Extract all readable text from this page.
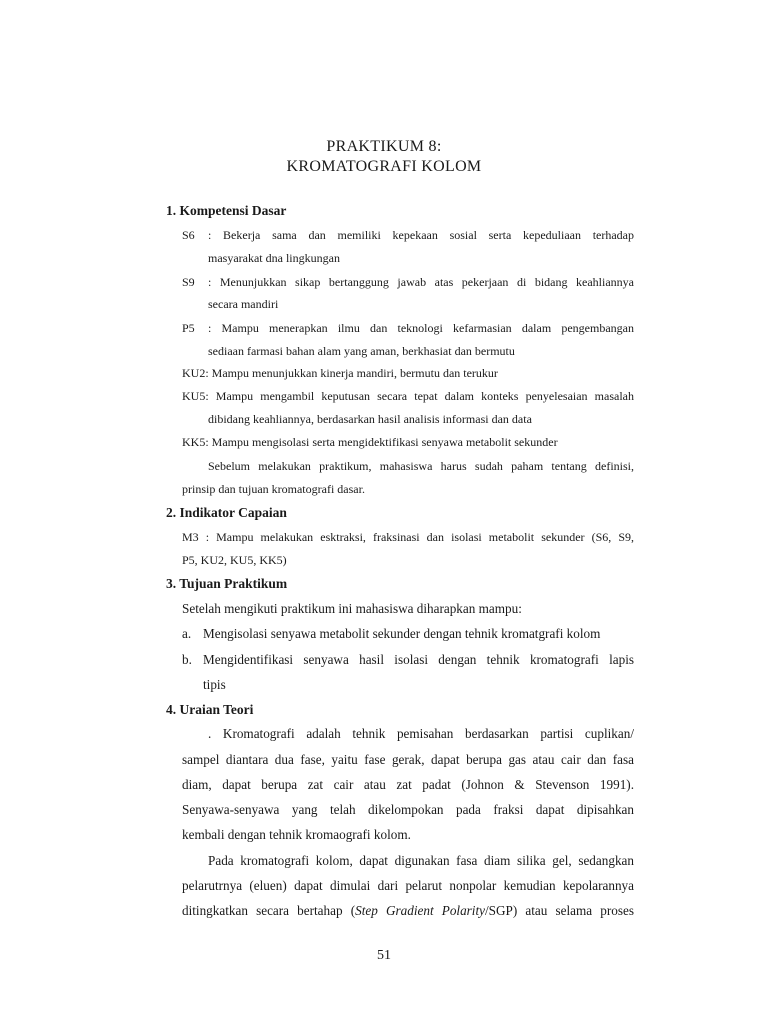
PRAKTIKUM 8:
KROMATOGRAFI KOLOM
1. Kompetensi Dasar
S6 : Bekerja sama dan memiliki kepekaan sosial serta kepeduliaan terhadap
masyarakat dna lingkungan
S9 : Menunjukkan sikap bertanggung jawab atas pekerjaan di bidang keahliannya
secara mandiri
P5 : Mampu menerapkan ilmu dan teknologi kefarmasian dalam pengembangan
sediaan farmasi bahan alam yang aman, berkhasiat dan bermutu
KU2: Mampu menunjukkan kinerja mandiri, bermutu dan terukur
KU5: Mampu mengambil keputusan secara tepat dalam konteks penyelesaian masalah
dibidang keahliannya, berdasarkan hasil analisis informasi dan data
KK5: Mampu mengisolasi serta mengidektifikasi senyawa metabolit sekunder
Sebelum melakukan praktikum, mahasiswa harus sudah paham tentang definisi,
prinsip dan tujuan kromatografi dasar.
2. Indikator Capaian
M3 : Mampu melakukan esktraksi, fraksinasi dan isolasi metabolit sekunder (S6, S9,
P5, KU2, KU5, KK5)
3. Tujuan Praktikum
Setelah mengikuti praktikum ini mahasiswa diharapkan mampu:
a. Mengisolasi senyawa metabolit sekunder dengan tehnik kromatgrafi kolom
b. Mengidentifikasi senyawa hasil isolasi dengan tehnik kromatografi lapis
tipis
4. Uraian Teori
. Kromatografi adalah tehnik pemisahan berdasarkan partisi cuplikan/
sampel diantara dua fase, yaitu fase gerak, dapat berupa gas atau cair dan fasa
diam, dapat berupa zat cair atau zat padat (Johnon & Stevenson 1991).
Senyawa-senyawa yang telah dikelompokan pada fraksi dapat dipisahkan
kembali dengan tehnik kromaografi kolom.
Pada kromatografi kolom, dapat digunakan fasa diam silika gel, sedangkan
pelarutrnya (eluen) dapat dimulai dari pelarut nonpolar kemudian kepolarannya
ditingkatkan secara bertahap (Step Gradient Polarity/SGP) atau selama proses
51
